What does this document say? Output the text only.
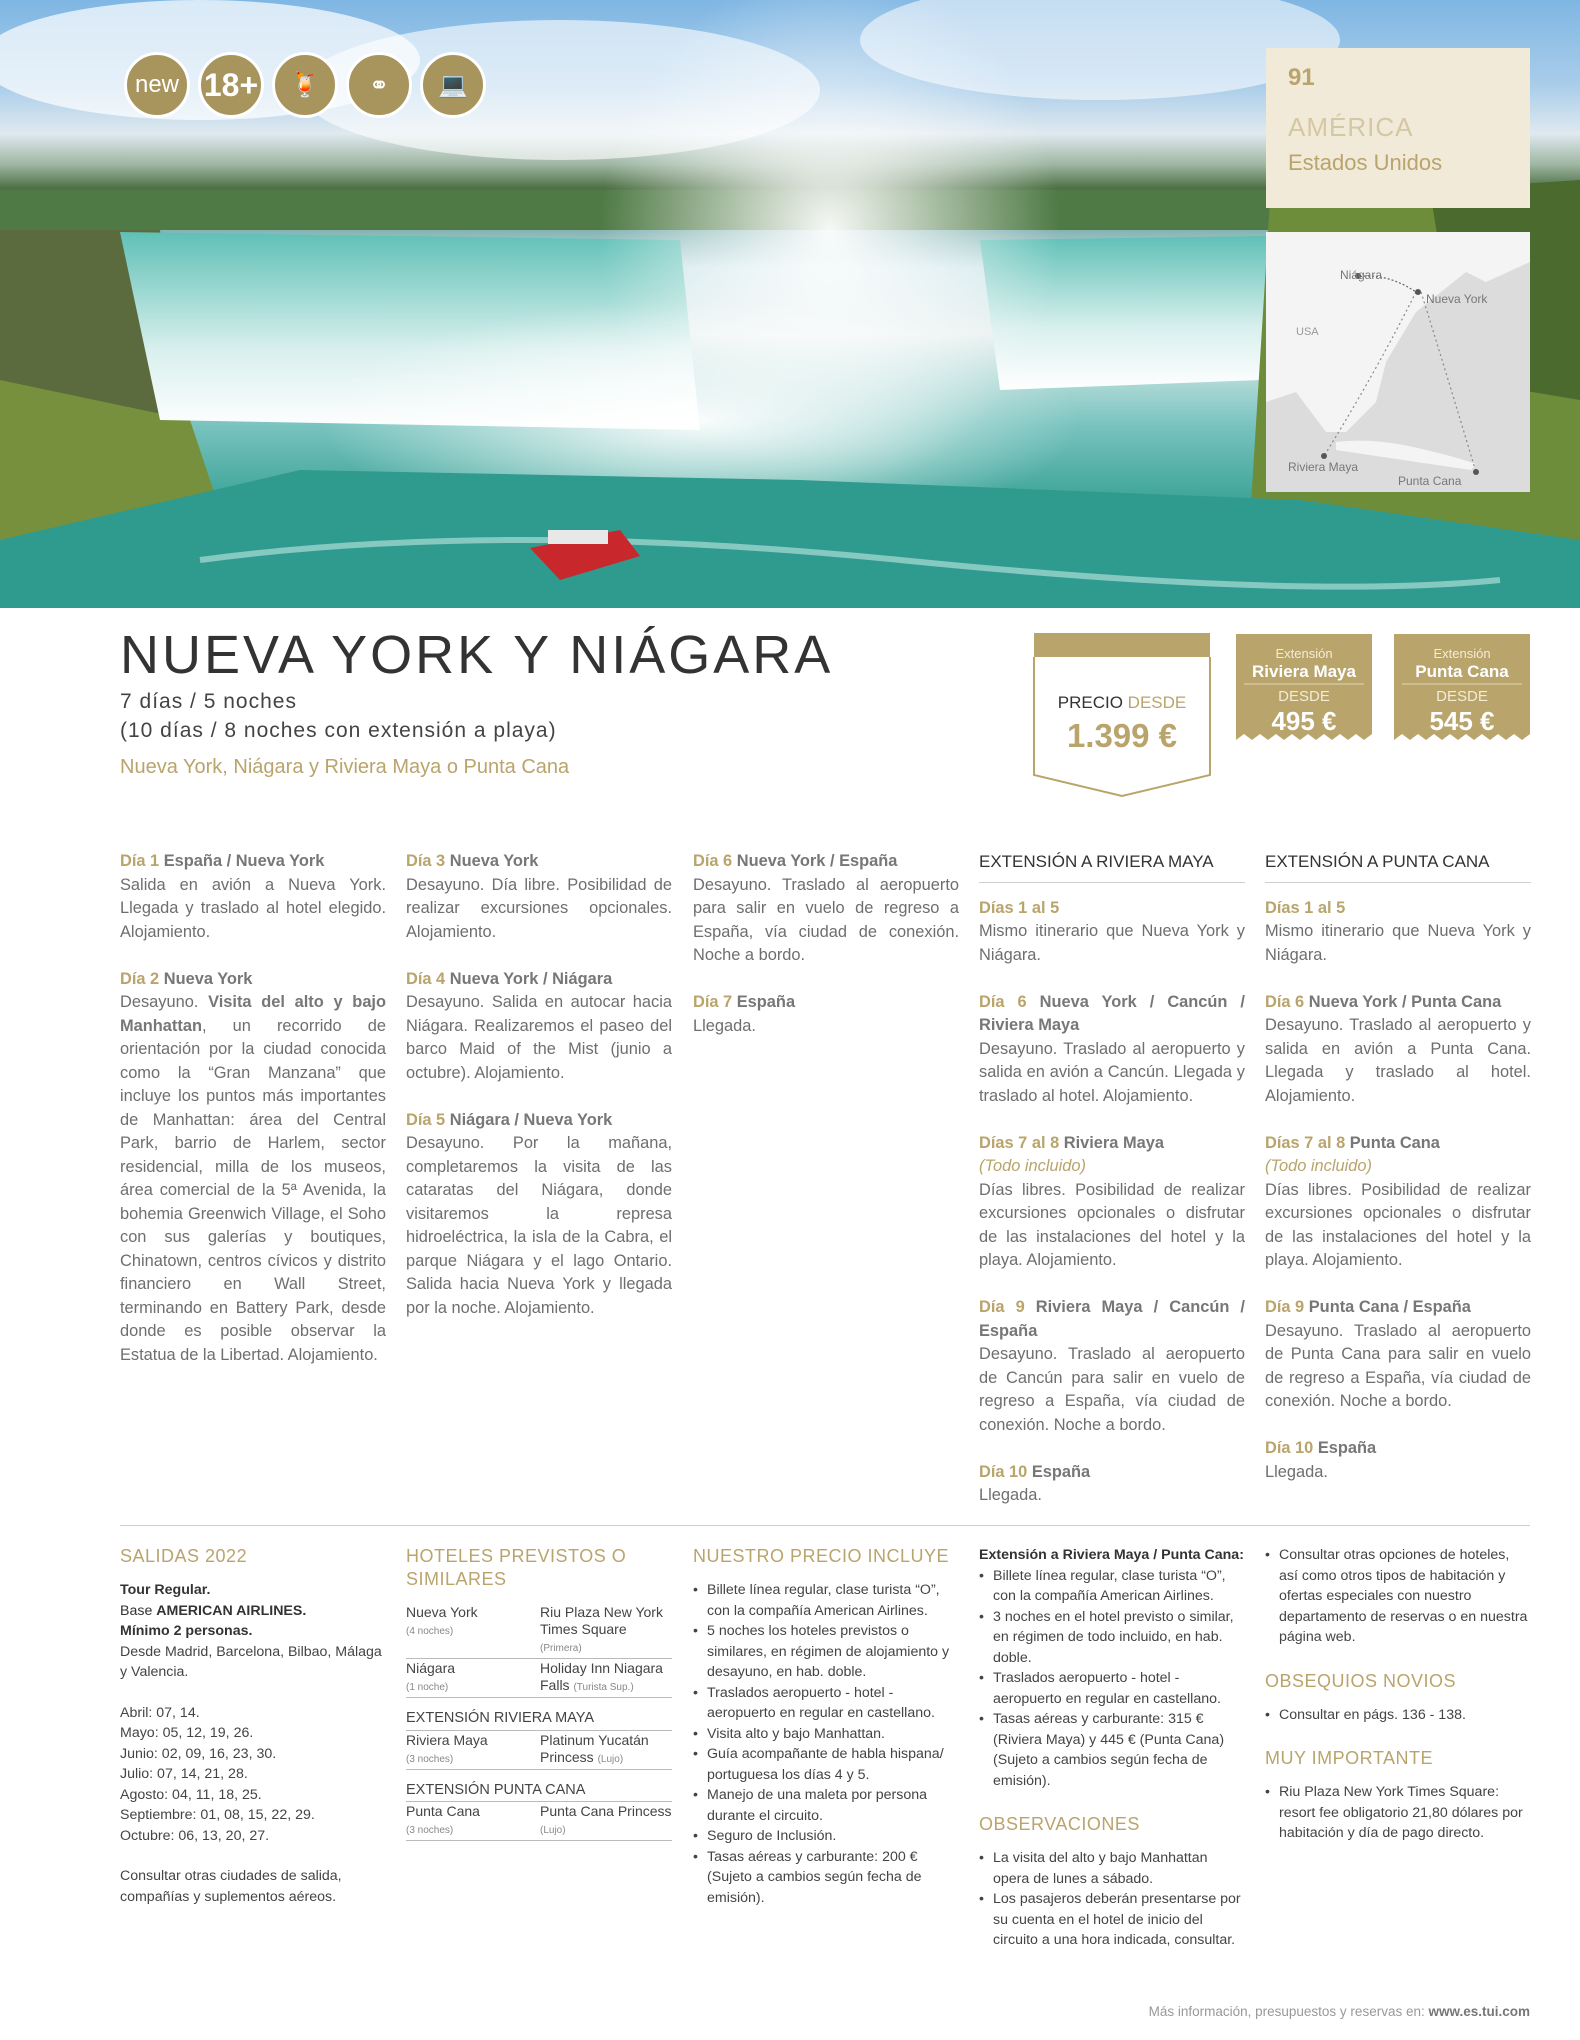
new 18+	🍹	⚭	💻	91
AMÉRICA
Estados Unidos
Niágara
Nueva York
USA
Riviera Maya
Punta Cana
NUEVA YORK Y NIÁGARA
7 días / 5 noches
(10 días / 8 noches con extensión a playa)
Nueva York, Niágara y Riviera Maya o Punta Cana
PRECIO DESDE
1.399 €
Extensión
Riviera Maya
DESDE
495 €
Extensión
Punta Cana
DESDE
545 €
Día 1 España / Nueva York
Salida en avión a Nueva York. Llegada y traslado al hotel elegido. Alojamiento.
Día 2 Nueva York
Desayuno. Visita del alto y bajo Manhattan, un recorrido de orientación por la ciudad conocida como la “Gran Manzana” que incluye los puntos más importantes de Manhattan: área del Central Park, barrio de Harlem, sector residencial, milla de los museos, área comercial de la 5ª Avenida, la bohemia Greenwich Village, el Soho con sus galerías y boutiques, Chinatown, centros cívicos y distrito financiero en Wall Street, terminando en Battery Park, desde donde es posible observar la Estatua de la Libertad. Alojamiento.
Día 3 Nueva York
Desayuno. Día libre. Posibilidad de realizar excursiones opcionales. Alojamiento.
Día 4 Nueva York / Niágara
Desayuno. Salida en autocar hacia Niágara. Realizaremos el paseo del barco Maid of the Mist (junio a octubre). Alojamiento.
Día 5 Niágara / Nueva York
Desayuno. Por la mañana, completaremos la visita de las cataratas del Niágara, donde visitaremos la represa hidroeléctrica, la isla de la Cabra, el parque Niágara y el lago Ontario. Salida hacia Nueva York y llegada por la noche. Alojamiento.
Día 6 Nueva York / España
Desayuno. Traslado al aeropuerto para salir en vuelo de regreso a España, vía ciudad de conexión. Noche a bordo.
Día 7 España
Llegada.
EXTENSIÓN A RIVIERA MAYA
Días 1 al 5
Mismo itinerario que Nueva York y Niágara.
Día 6 Nueva York / Cancún / Riviera Maya
Desayuno. Traslado al aeropuerto y salida en avión a Cancún. Llegada y traslado al hotel. Alojamiento.
Días 7 al 8 Riviera Maya
(Todo incluido)
Días libres. Posibilidad de realizar excursiones opcionales o disfrutar de las instalaciones del hotel y la playa. Alojamiento.
Día 9 Riviera Maya / Cancún / España
Desayuno. Traslado al aeropuerto de Cancún para salir en vuelo de regreso a España, vía ciudad de conexión. Noche a bordo.
Día 10 España
Llegada.
EXTENSIÓN A PUNTA CANA
Días 1 al 5
Mismo itinerario que Nueva York y Niágara.
Día 6 Nueva York / Punta Cana
Desayuno. Traslado al aeropuerto y salida en avión a Punta Cana. Llegada y traslado al hotel. Alojamiento.
Días 7 al 8 Punta Cana
(Todo incluido)
Días libres. Posibilidad de realizar excursiones opcionales o disfrutar de las instalaciones del hotel y la playa. Alojamiento.
Día 9 Punta Cana / España
Desayuno. Traslado al aeropuerto de Punta Cana para salir en vuelo de regreso a España, vía ciudad de conexión. Noche a bordo.
Día 10 España
Llegada.
SALIDAS 2022
Tour Regular.
Base AMERICAN AIRLINES.
Mínimo 2 personas.
Desde Madrid, Barcelona, Bilbao, Málaga y Valencia.
Abril: 07, 14.
Mayo: 05, 12, 19, 26.
Junio: 02, 09, 16, 23, 30.
Julio: 07, 14, 21, 28.
Agosto: 04, 11, 18, 25.
Septiembre: 01, 08, 15, 22, 29.
Octubre: 06, 13, 20, 27.
Consultar otras ciudades de salida, compañías y suplementos aéreos.
HOTELES PREVISTOS O SIMILARES
Nueva York
(4 noches)	Riu Plaza New York Times Square (Primera)
Niágara
(1 noche)	Holiday Inn Niagara Falls (Turista Sup.)
EXTENSIÓN RIVIERA MAYA
Riviera Maya
(3 noches)	Platinum Yucatán Princess (Lujo)
EXTENSIÓN PUNTA CANA
Punta Cana
(3 noches)	Punta Cana Princess (Lujo)
NUESTRO PRECIO INCLUYE
• Billete línea regular, clase turista “O”, con la compañía American Airlines.
• 5 noches los hoteles previstos o similares, en régimen de alojamiento y desayuno, en hab. doble.
• Traslados aeropuerto - hotel - aeropuerto en regular en castellano.
• Visita alto y bajo Manhattan.
• Guía acompañante de habla hispana/ portuguesa los días 4 y 5.
• Manejo de una maleta por persona durante el circuito.
• Seguro de Inclusión.
• Tasas aéreas y carburante: 200 € (Sujeto a cambios según fecha de emisión).
Extensión a Riviera Maya / Punta Cana:
• Billete línea regular, clase turista “O”, con la compañía American Airlines.
• 3 noches en el hotel previsto o similar, en régimen de todo incluido, en hab. doble.
• Traslados aeropuerto - hotel - aeropuerto en regular en castellano.
• Tasas aéreas y carburante: 315 € (Riviera Maya) y 445 € (Punta Cana) (Sujeto a cambios según fecha de emisión).
OBSERVACIONES
• La visita del alto y bajo Manhattan opera de lunes a sábado.
• Los pasajeros deberán presentarse por su cuenta en el hotel de inicio del circuito a una hora indicada, consultar.
• Consultar otras opciones de hoteles, así como otros tipos de habitación y ofertas especiales con nuestro departamento de reservas o en nuestra página web.
OBSEQUIOS NOVIOS
• Consultar en págs. 136 - 138.
MUY IMPORTANTE
• Riu Plaza New York Times Square: resort fee obligatorio 21,80 dólares por habitación y día de pago directo.
Más información, presupuestos y reservas en: www.es.tui.com
